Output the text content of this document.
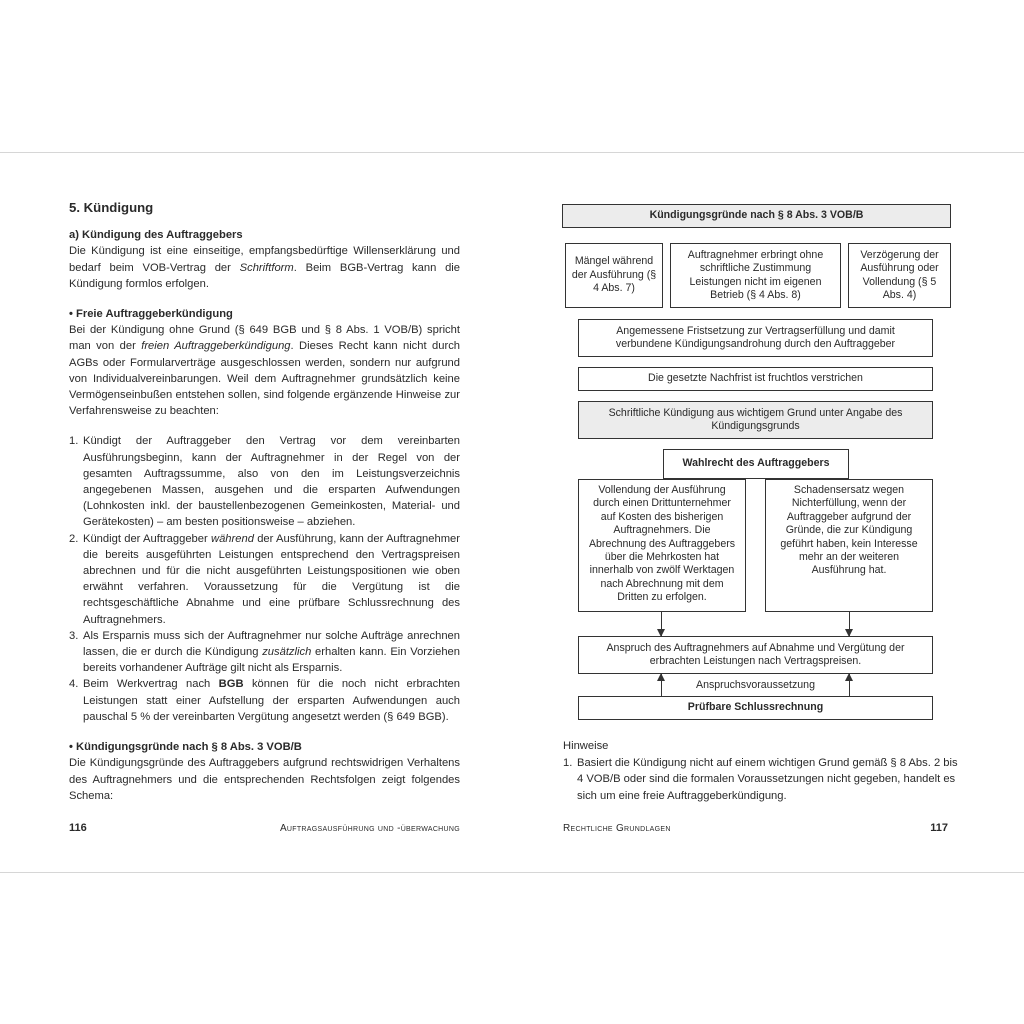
5. Kündigung
a) Kündigung des Auftraggebers

Die Kündigung ist eine einseitige, empfangsbedürftige Willenserklärung und bedarf beim VOB-Vertrag der Schriftform. Beim BGB-Vertrag kann die Kündigung formlos erfolgen.

• Freie Auftraggeberkündigung

Bei der Kündigung ohne Grund (§ 649 BGB und § 8 Abs. 1 VOB/B) spricht man von der freien Auftraggeberkündigung. Dieses Recht kann nicht durch AGBs oder Formularverträge ausgeschlossen werden, sondern nur aufgrund von Individualvereinbarungen. Weil dem Auftragnehmer grundsätzlich keine Vermögenseinbußen entstehen sollen, sind folgende ergänzende Hinweise zur Verfahrensweise zu beachten:

1. Kündigt der Auftraggeber den Vertrag vor dem vereinbarten Ausführungsbeginn, kann der Auftragnehmer in der Regel von der gesamten Auftragssumme, also von den im Leistungsverzeichnis angegebenen Massen, ausgehen und die ersparten Aufwendungen (Lohnkosten inkl. der baustellenbezogenen Gemeinkosten, Material- und Gerätekosten) – am besten positionsweise – abziehen.
2. Kündigt der Auftraggeber während der Ausführung, kann der Auftragnehmer die bereits ausgeführten Leistungen entsprechend den Vertragspreisen abrechnen und für die nicht ausgeführten Leistungspositionen wie oben erwähnt verfahren. Voraussetzung für die Vergütung ist die rechtsgeschäftliche Abnahme und eine prüfbare Schlussrechnung des Auftragnehmers.
3. Als Ersparnis muss sich der Auftragnehmer nur solche Aufträge anrechnen lassen, die er durch die Kündigung zusätzlich erhalten kann. Ein Vorziehen bereits vorhandener Aufträge gilt nicht als Ersparnis.
4. Beim Werkvertrag nach BGB können für die noch nicht erbrachten Leistungen statt einer Aufstellung der ersparten Aufwendungen auch pauschal 5 % der vereinbarten Vergütung angesetzt werden (§ 649 BGB).
• Kündigungsgründe nach § 8 Abs. 3 VOB/B

Die Kündigungsgründe des Auftraggebers aufgrund rechtswidrigen Verhaltens des Auftragnehmers und die entsprechenden Rechtsfolgen zeigt folgendes Schema:

116	Auftragsausführung und -überwachung
Kündigungsgründe nach § 8 Abs. 3 VOB/B
Mängel während der Ausführung (§ 4 Abs. 7)
Auftragnehmer erbringt ohne schriftliche Zustimmung Leistungen nicht im eigenen Betrieb (§ 4 Abs. 8)
Verzögerung der Ausführung oder Vollendung (§ 5 Abs. 4)
Angemessene Fristsetzung zur Vertragserfüllung und damit verbundene Kündigungsandrohung durch den Auftraggeber
Die gesetzte Nachfrist ist fruchtlos verstrichen
Schriftliche Kündigung aus wichtigem Grund unter Angabe des Kündigungsgrunds
Wahlrecht des Auftraggebers
Vollendung der Ausführung durch einen Drittunternehmer auf Kosten des bisherigen Auftragnehmers. Die Abrechnung des Auftraggebers über die Mehrkosten hat innerhalb von zwölf Werktagen nach Abrechnung mit dem Dritten zu erfolgen.
Schadensersatz wegen Nichterfüllung, wenn der Auftraggeber aufgrund der Gründe, die zur Kündigung geführt haben, kein Interesse mehr an der weiteren Ausführung hat.
Anspruch des Auftragnehmers auf Abnahme und Vergütung der erbrachten Leistungen nach Vertragspreisen.
Anspruchsvoraussetzung
Prüfbare Schlussrechnung
Hinweise
1. Basiert die Kündigung nicht auf einem wichtigen Grund gemäß § 8 Abs. 2 bis 4 VOB/B oder sind die formalen Voraussetzungen nicht gegeben, handelt es sich um eine freie Auftraggeberkündigung.
Rechtliche Grundlagen	117
